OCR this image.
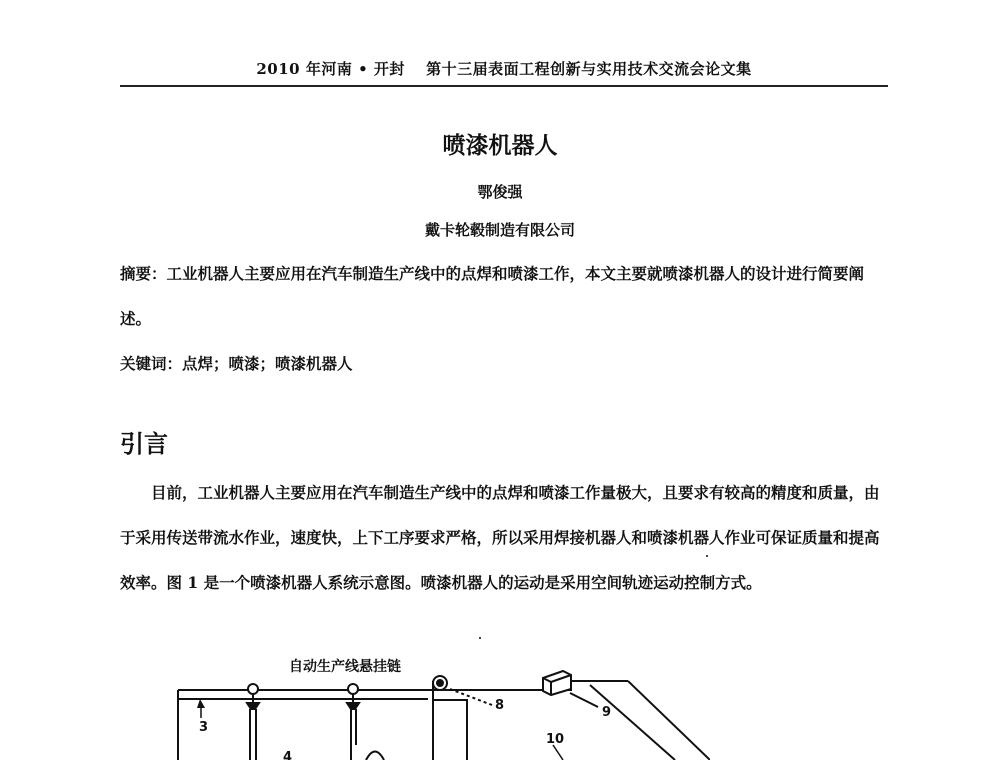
2010 年河南 • 开封　 第十三届表面工程创新与实用技术交流会论文集
喷漆机器人
鄂俊强
戴卡轮毂制造有限公司

摘要：工业机器人主要应用在汽车制造生产线中的点焊和喷漆工作，本文主要就喷漆机器人的设计进行简要阐述。

关键词：点焊；喷漆；喷漆机器人

引言

目前，工业机器人主要应用在汽车制造生产线中的点焊和喷漆工作量极大，且要求有较高的精度和质量，由于采用传送带流水作业，速度快，上下工序要求严格，所以采用焊接机器人和喷漆机器人作业可保证质量和提高效率。图 1 是一个喷漆机器人系统示意图。喷漆机器人的运动是采用空间轨迹运动控制方式。

自动生产线悬挂链
3
4
8	9
10
